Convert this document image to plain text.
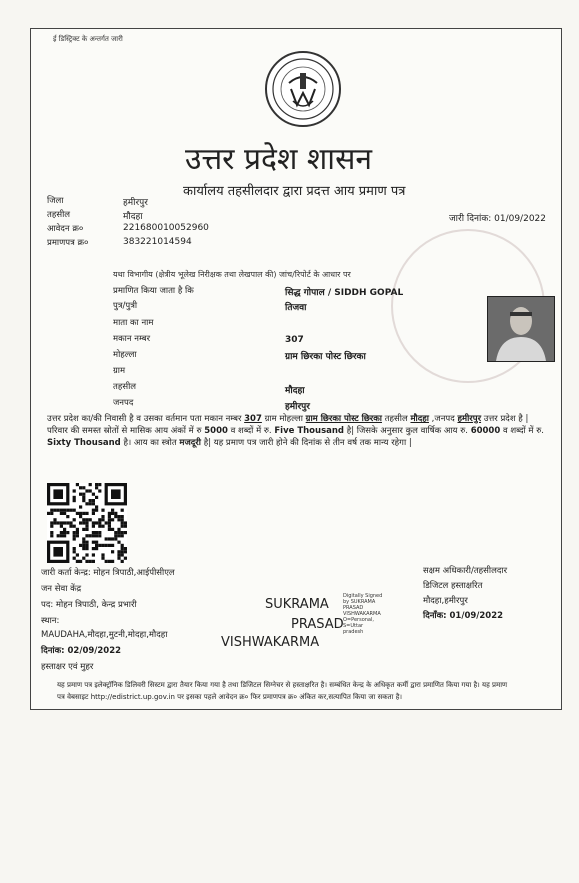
ई डिस्ट्रिक्ट के अन्तर्गत जारी
उत्तर प्रदेश शासन
कार्यालय तहसीलदार द्वारा प्रदत्त आय प्रमाण पत्र
जिला	हमीरपुर
तहसील	मौदहा
आवेदन क्र०	221680010052960
प्रमाणपत्र क्र०	383221014594
जारी दिनांक: 01/09/2022
यथा विभागीय (क्षेत्रीय भूलेख निरीक्षक तथा लेखपाल की) जांच/रिपोर्ट के आधार पर
प्रमाणित किया जाता है कि	सिद्ध गोपाल / SIDDH GOPAL
पुत्र/पुत्री	तिजवा
माता का नाम
मकान नम्बर	307
मोहल्ला	ग्राम छिरका पोस्ट छिरका
ग्राम
तहसील	मौदहा
जनपद	हमीरपुर
उत्तर प्रदेश का/की निवासी है व उसका वर्तमान पता मकान नम्बर 307 ग्राम मोहल्ला ग्राम छिरका पोस्ट छिरका तहसील मौदहा ,जनपद हमीरपुर उत्तर प्रदेश है | परिवार की समस्त स्रोतों से मासिक आय अंकों में रु 5000 व शब्दों में रु. Five Thousand है| जिसके अनुसार कुल वार्षिक आय रु. 60000 व शब्दों में रु. Sixty Thousand है। आय का स्त्रोत मजदूरी है| यह प्रमाण पत्र जारी होने की दिनांक से तीन वर्ष तक मान्य रहेगा |
जारी कर्ता केन्द्र: मोहन त्रिपाठी,आईपीसीएल
जन सेवा केंद्र
पद: मोहन त्रिपाठी, केन्द्र प्रभारी
स्थान:
MAUDAHA,मौदहा,मुटनी,मोदहा,मौदहा
दिनांक: 02/09/2022
हस्ताक्षर एवं मुहर
SUKRAMA
PRASAD
VISHWAKARMA
Digitally Signed
by SUKRAMA
PRASAD
VISHWAKARMA
O=Personal,
S=Uttar
pradesh
सक्षम अधिकारी/तहसीलदार
डिजिटल हस्ताक्षरित
मौदहा,हमीरपुर
दिनाँक: 01/09/2022
यह प्रमाण पत्र इलेक्ट्रॉनिक डिलिवरी सिस्टम द्वारा तैयार किया गया है तथा डिजिटल सिग्नेचर से हस्ताक्षरित है। सम्बंधित केन्द्र के अधिकृत कर्मी द्वारा प्रमाणित किया गया है। यह प्रमाण
पत्र वेबसाइट http://edistrict.up.gov.in पर इसका पहले आवेदन क्र० फिर प्रमाणपत्र क्र० अंकित कर,सत्यापित किया जा सकता है।
